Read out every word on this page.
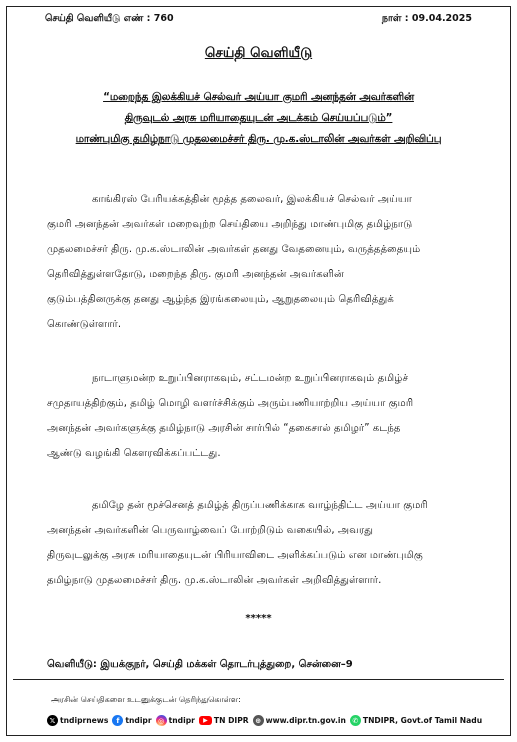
செய்தி வெளியீடு எண் : 760	நாள் : 09.04.2025
செய்தி வெளியீடு
“மறைந்த இலக்கியச் செல்வர் அய்யா குமரி அனந்தன் அவர்களின்
திருவுடல் அரசு மரியாதையுடன் அடக்கம் செய்யப்படும்”
மாண்புமிகு தமிழ்நாடு முதலமைச்சர் திரு. மு.க.ஸ்டாலின் அவர்கள் அறிவிப்பு
காங்கிரஸ் பேரியக்கத்தின் மூத்த தலைவர், இலக்கியச் செல்வர் அய்யா
குமரி அனந்தன் அவர்கள் மறைவுற்ற செய்தியை அறிந்து மாண்புமிகு தமிழ்நாடு
முதலமைச்சர் திரு. மு.க.ஸ்டாலின் அவர்கள் தனது வேதனையும், வருத்தத்தையும்
தெரிவித்துள்ளதோடு, மறைந்த திரு. குமரி அனந்தன் அவர்களின்
குடும்பத்தினருக்கு தனது ஆழ்ந்த இரங்கலையும், ஆறுதலையும் தெரிவித்துக்
கொண்டுள்ளார்.
நாடாளுமன்ற உறுப்பினராகவும், சட்டமன்ற உறுப்பினராகவும் தமிழ்ச்
சமுதாயத்திற்கும், தமிழ் மொழி வளர்ச்சிக்கும் அரும்பணியாற்றிய அய்யா குமரி
அனந்தன் அவர்களுக்கு தமிழ்நாடு அரசின் சார்பில் “தகைசால் தமிழர்” கடந்த
ஆண்டு வழங்கி கௌரவிக்கப்பட்டது.
தமிழே தன் மூச்செனத் தமிழ்த் திருப்பணிக்காக வாழ்ந்திட்ட அய்யா குமரி
அனந்தன் அவர்களின் பெருவாழ்வைப் போற்றிடும் வகையில், அவரது
திருவுடலுக்கு அரசு மரியாதையுடன் பிரியாவிடை அளிக்கப்படும் என மாண்புமிகு
தமிழ்நாடு முதலமைச்சர் திரு. மு.க.ஸ்டாலின் அவர்கள் அறிவித்துள்ளார்.
*****
வெளியீடு: இயக்குநர், செய்தி மக்கள் தொடர்புத்துறை, சென்னை–9
அரசின் செய்திகளை உடனுக்குடன் தெரிந்துகொள்ள:
𝕏 tndiprnews	f tndipr ◎ tndipr	▶ TN DIPR ⊕ www.dipr.tn.gov.in ✆ TNDIPR, Govt.of Tamil Nadu
